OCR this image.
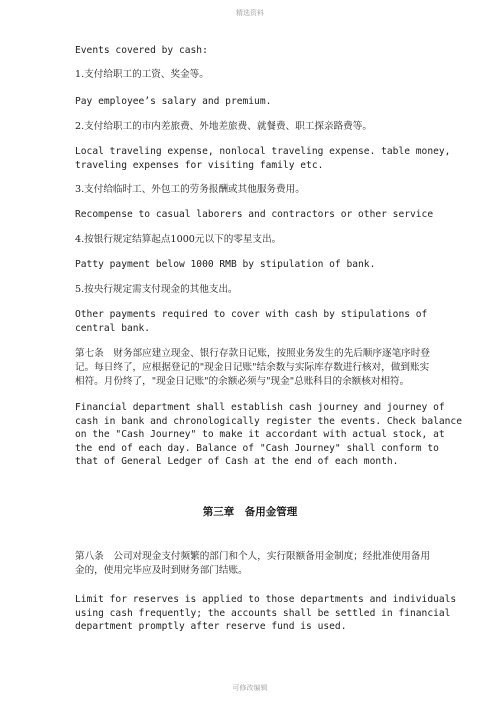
精选资料
Events covered by cash:
1.支付给职工的工资、奖金等。
Pay employee’s salary and premium.
2.支付给职工的市内差旅费、外地差旅费、就餐费、职工探亲路费等。
Local traveling expense, nonlocal traveling expense. table money,
traveling expenses for visiting family etc.
3.支付给临时工、外包工的劳务报酬或其他服务费用。
Recompense to casual laborers and contractors or other service
4.按银行规定结算起点1000元以下的零星支出。
Patty payment below 1000 RMB by stipulation of bank.
5.按央行规定需支付现金的其他支出。
Other payments required to cover with cash by stipulations of
central bank.
第七条　财务部应建立现金、银行存款日记账，按照业务发生的先后顺序逐笔序时登记。每日终了，应根据登记的"现金日记账"结余数与实际库存数进行核对，做到账实相符。月份终了，"现金日记账"的余额必须与"现金"总账科目的余额核对相符。
Financial department shall establish cash journey and journey of
cash in bank and chronologically register the events. Check balance
on the "Cash Journey" to make it accordant with actual stock, at
the end of each day. Balance of "Cash Journey" shall conform to
that of General Ledger of Cash at the end of each month.
第三章　备用金管理
第八条　公司对现金支付频繁的部门和个人，实行限额备用金制度；经批准使用备用金的，使用完毕应及时到财务部门结账。
Limit for reserves is applied to those departments and individuals
using cash frequently; the accounts shall be settled in financial
department promptly after reserve fund is used.
可修改编辑
